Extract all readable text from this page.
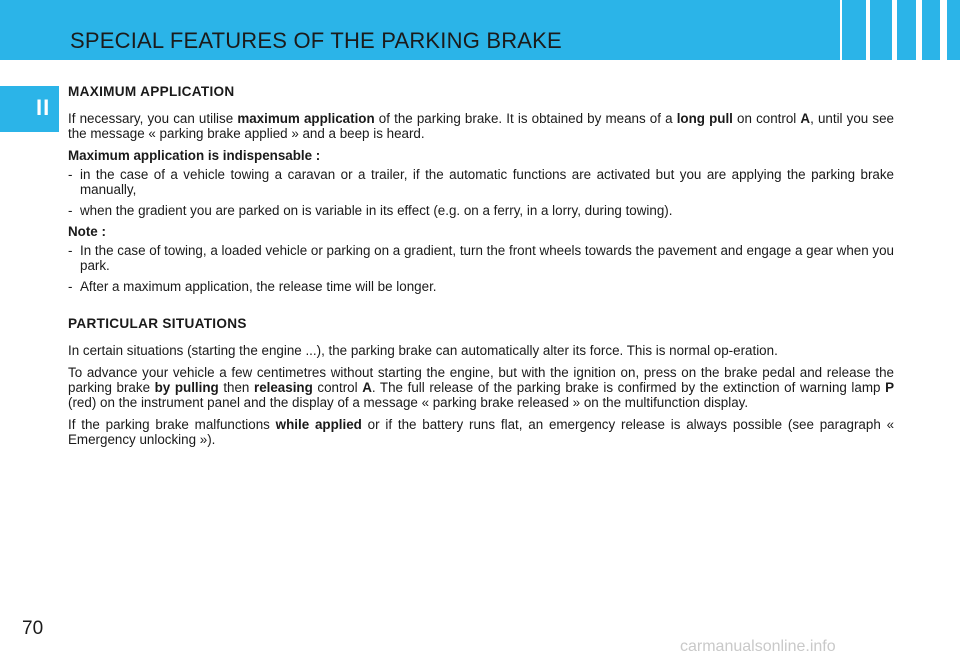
SPECIAL FEATURES OF THE PARKING BRAKE
II
MAXIMUM APPLICATION

If necessary, you can utilise maximum application of the parking brake. It is obtained by means of a long pull on control A, until you see the message « parking brake applied » and a beep is heard.

Maximum application is indispensable :

- in the case of a vehicle towing a caravan or a trailer, if the automatic functions are activated but you are applying the parking brake manually,
- when the gradient you are parked on is variable in its effect (e.g. on a ferry, in a lorry, during towing).

Note :

- In the case of towing, a loaded vehicle or parking on a gradient, turn the front wheels towards the pavement and engage a gear when you park.
- After a maximum application, the release time will be longer.
PARTICULAR SITUATIONS

In certain situations (starting the engine ...), the parking brake can automatically alter its force. This is normal op-eration.

To advance your vehicle a few centimetres without starting the engine, but with the ignition on, press on the brake pedal and release the parking brake by pulling then releasing control A. The full release of the parking brake is confirmed by the extinction of warning lamp P (red) on the instrument panel and the display of a message « parking brake released » on the multifunction display.

If the parking brake malfunctions while applied or if the battery runs flat, an emergency release is always possible (see paragraph « Emergency unlocking »).

70
carmanualsonline.info
